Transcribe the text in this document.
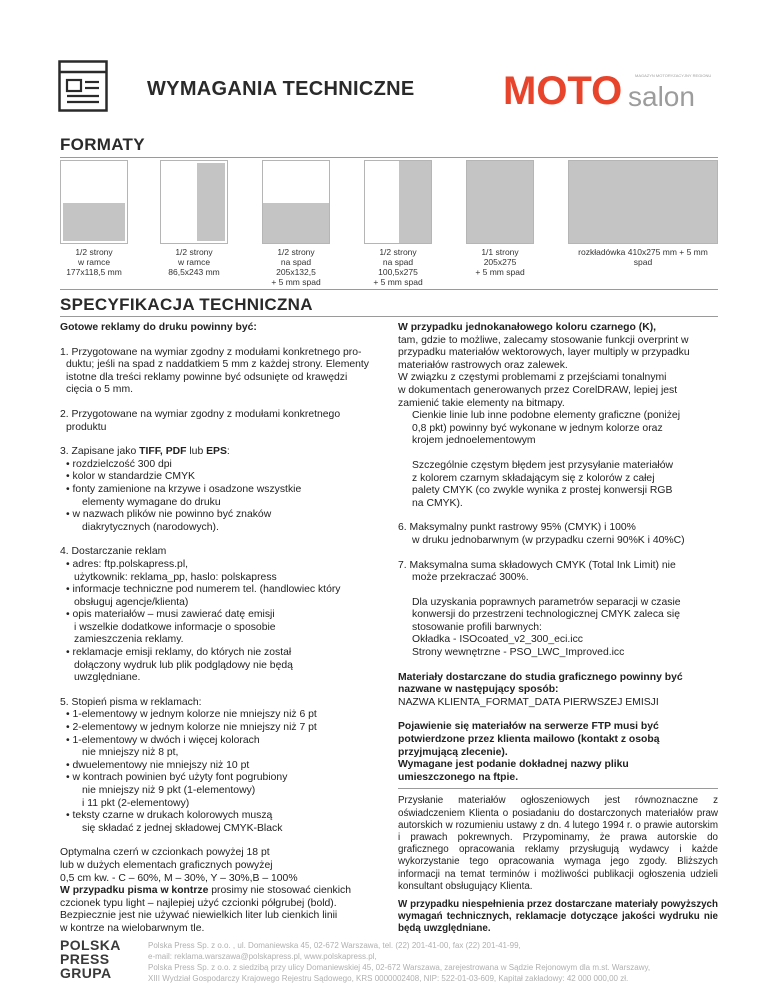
WYMAGANIA TECHNICZNE MOTO salon
MAGAZYN MOTORYZACYJNY REGIONU
FORMATY
1/2 strony
w ramce
177x118,5 mm
1/2 strony
w ramce
86,5x243 mm
1/2 strony
na spad
205x132,5
+ 5 mm spad
1/2 strony
na spad
100,5x275
+ 5 mm spad
1/1 strony
205x275
+ 5 mm spad
rozkładówka 410x275 mm + 5 mm spad
SPECYFIKACJA TECHNICZNA

Gotowe reklamy do druku powinny być:

1. Przygotowane na wymiar zgodny z modułami konkretnego pro-

duktu; jeśli na spad z naddatkiem 5 mm z każdej strony. Elementy

istotne dla treści reklamy powinne być odsunięte od krawędzi

cięcia o 5 mm.

2. Przygotowane na wymiar zgodny z modułami konkretnego

produktu

3. Zapisane jako TIFF, PDF lub EPS:

• rozdzielczość 300 dpi

• kolor w standardzie CMYK

• fonty zamienione na krzywe i osadzone wszystkie

elementy wymagane do druku

• w nazwach plików nie powinno być znaków

diakrytycznych (narodowych).

4. Dostarczanie reklam

• adres: ftp.polskapress.pl,

użytkownik: reklama_pp, haslo: polskapress

• informacje techniczne pod numerem tel. (handlowiec który

obsługuj agencje/klienta)

• opis materiałów – musi zawierać datę emisji

i wszelkie dodatkowe informacje o sposobie

zamieszczenia reklamy.

• reklamacje emisji reklamy, do których nie został

dołączony wydruk lub plik podglądowy nie będą

uwzględniane.

5. Stopień pisma w reklamach:

• 1-elementowy w jednym kolorze nie mniejszy niż 6 pt

• 2-elementowy w jednym kolorze nie mniejszy niż 7 pt

• 1-elementowy w dwóch i więcej kolorach

nie mniejszy niż 8 pt,

• dwuelementowy nie mniejszy niż 10 pt

• w kontrach powinien być użyty font pogrubiony

nie mniejszy niż 9 pkt (1-elementowy)

i 11 pkt (2-elementowy)

• teksty czarne w drukach kolorowych muszą

się składać z jednej składowej CMYK-Black

Optymalna czerń w czcionkach powyżej 18 pt

lub w dużych elementach graficznych powyżej

0,5 cm kw. - C – 60%, M – 30%, Y – 30%,B – 100%

W przypadku pisma w kontrze prosimy nie stosować cienkich

czcionek typu light – najlepiej użyć czcionki półgrubej (bold).

Bezpiecznie jest nie używać niewielkich liter lub cienkich linii

w kontrze na wielobarwnym tle.

W przypadku jednokanałowego koloru czarnego (K),

tam, gdzie to możliwe, zalecamy stosowanie funkcji overprint w

przypadku materiałów wektorowych, layer multiply w przypadku

materiałów rastrowych oraz zalewek.

W związku z częstymi problemami z przejściami tonalnymi

w dokumentach generowanych przez CorelDRAW, lepiej jest

zamienić takie elementy na bitmapy.

Cienkie linie lub inne podobne elementy graficzne (poniżej

0,8 pkt) powinny być wykonane w jednym kolorze oraz

krojem jednoelementowym

Szczególnie częstym błędem jest przysyłanie materiałów

z kolorem czarnym składającym się z kolorów z całej

palety CMYK (co zwykle wynika z prostej konwersji RGB

na CMYK).

6. Maksymalny punkt rastrowy 95% (CMYK) i 100%

w druku jednobarwnym (w przypadku czerni 90%K i 40%C)

7. Maksymalna suma składowych CMYK (Total Ink Limit) nie

może przekraczać 300%.

Dla uzyskania poprawnych parametrów separacji w czasie

konwersji do przestrzeni technologicznej CMYK zaleca się

stosowanie profili barwnych:

Okładka - ISOcoated_v2_300_eci.icc

Strony wewnętrzne - PSO_LWC_Improved.icc

Materiały dostarczane do studia graficznego powinny być

nazwane w następujący sposób:

NAZWA KLIENTA_FORMAT_DATA PIERWSZEJ EMISJI

Pojawienie się materiałów na serwerze FTP musi być

potwierdzone przez klienta mailowo (kontakt z osobą

przyjmującą zlecenie).

Wymagane jest podanie dokładnej nazwy pliku

umieszczonego na ftpie.

Przysłanie materiałów ogłoszeniowych jest równoznaczne z oświadczeniem Klienta o posiadaniu do dostarczonych materiałów praw autorskich w rozumieniu ustawy z dn. 4 lutego 1994 r. o prawie autorskim i prawach pokrewnych. Przypominamy, że prawa autorskie do graficznego opracowania reklamy przysługują wydawcy i każde wykorzystanie tego opracowania wymaga jego zgody. Bliższych informacji na temat terminów i możliwości publikacji ogłoszenia udzieli konsultant obsługujący Klienta.

W przypadku niespełnienia przez dostarczane materiały powyższych wymagań technicznych, reklamacje dotyczące jakości wydruku nie będą uwzględniane.

POLSKA
PRESS
GRUPA
Polska Press Sp. z o.o. , ul. Domaniewska 45, 02-672 Warszawa, tel. (22) 201-41-00, fax (22) 201-41-99,
e-mail: reklama.warszawa@polskapress.pl, www.polskapress.pl,
Polska Press Sp. z o.o. z siedzibą przy ulicy Domaniewskiej 45, 02-672 Warszawa, zarejestrowana w Sądzie Rejonowym dla m.st. Warszawy,
XIII Wydział Gospodarczy Krajowego Rejestru Sądowego, KRS 0000002408, NIP: 522-01-03-609, Kapitał zakładowy: 42 000 000,00 zł.
